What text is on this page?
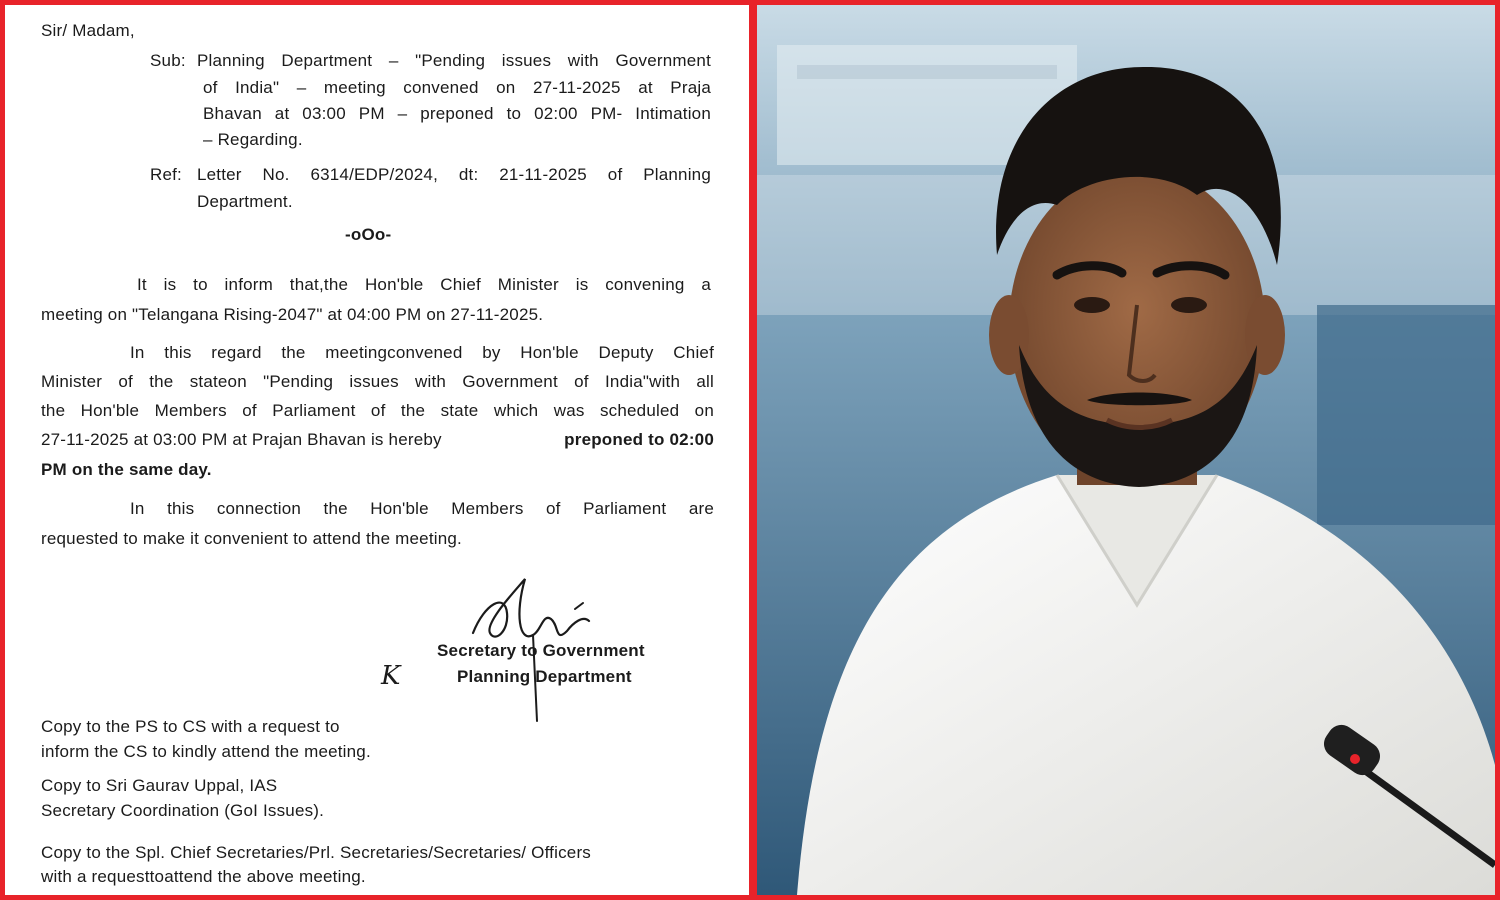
Sir/ Madam,
Sub: Planning Department – "Pending issues with Government
of India" – meeting convened on 27-11-2025 at Praja
Bhavan at 03:00 PM – preponed to 02:00 PM- Intimation
– Regarding.
Ref: Letter No. 6314/EDP/2024, dt: 21-11-2025 of Planning
Department.
-oOo-
It is to inform that,the Hon'ble Chief Minister is convening a
meeting on "Telangana Rising-2047" at 04:00 PM on 27-11-2025.
In this regard the meetingconvened by Hon'ble Deputy Chief
Minister of the stateon "Pending issues with Government of India"with all
the Hon'ble Members of Parliament of the state which was scheduled on
27-11-2025 at 03:00 PM at Prajan Bhavan is hereby	preponed to 02:00
PM on the same day.
In this connection the Hon'ble Members of Parliament are
requested to make it convenient to attend the meeting.
Secretary to Government
Planning Department
K
Copy to the PS to CS with a request to
inform the CS to kindly attend the meeting.
Copy to Sri Gaurav Uppal, IAS
Secretary Coordination (GoI Issues).
Copy to the Spl. Chief Secretaries/Prl. Secretaries/Secretaries/ Officers
with a requesttoattend the above meeting.
